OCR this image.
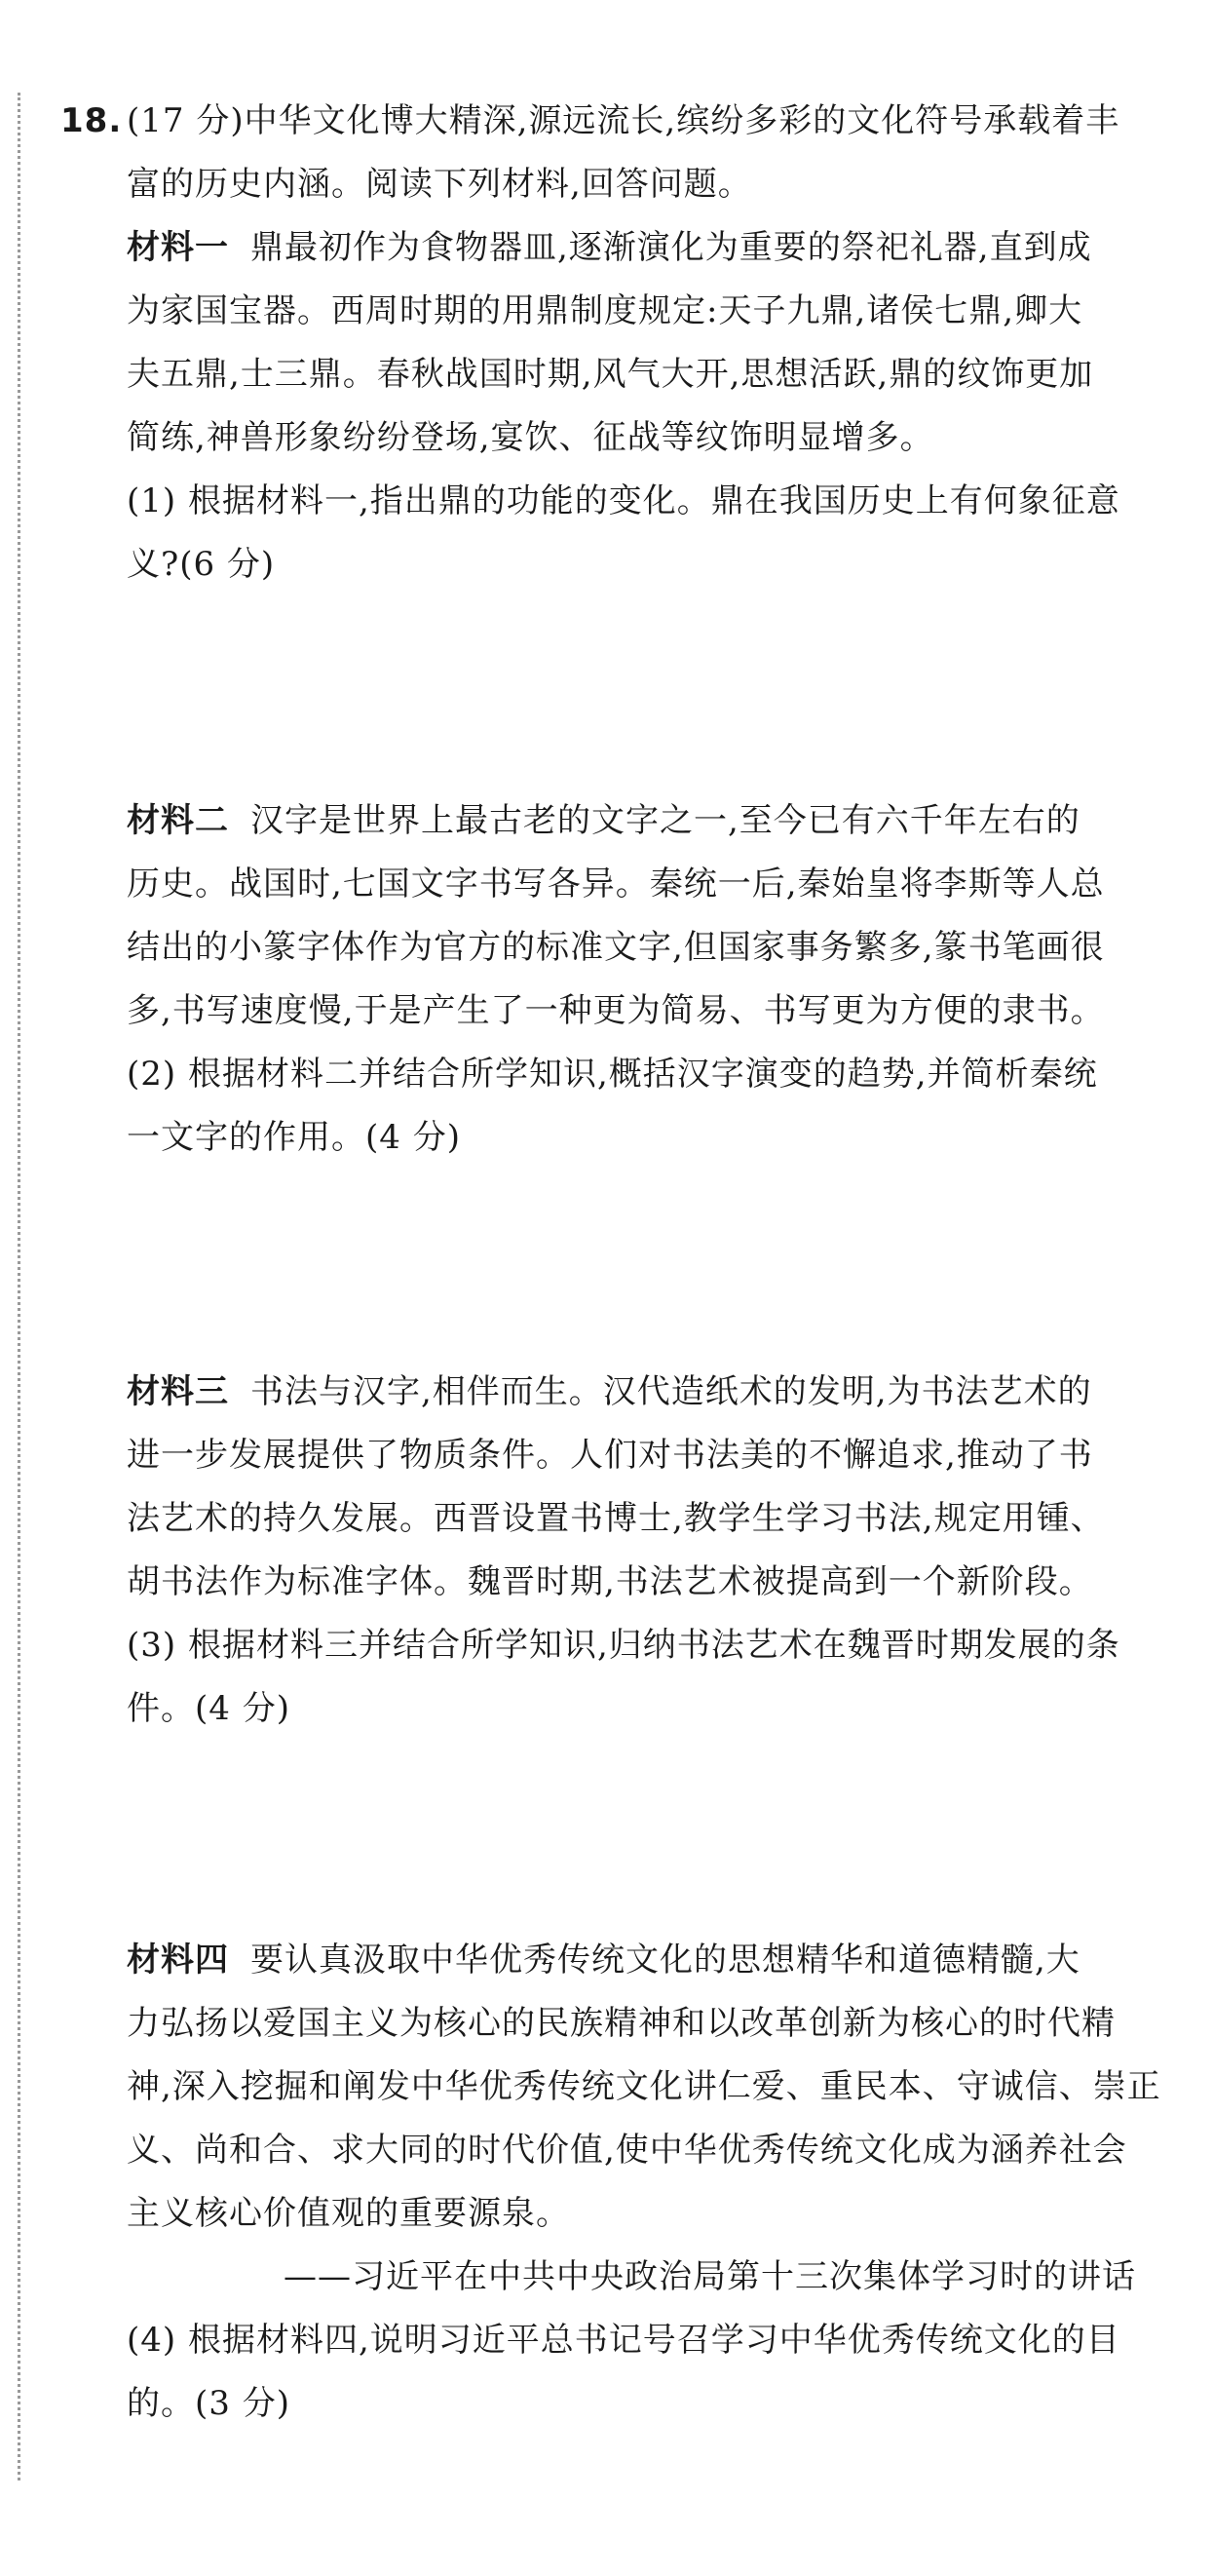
18. (17 分)中华文化博大精深,源远流长,缤纷多彩的文化符号承载着丰
富的历史内涵。阅读下列材料,回答问题。
材料一 鼎最初作为食物器皿,逐渐演化为重要的祭祀礼器,直到成
为家国宝器。西周时期的用鼎制度规定:天子九鼎,诸侯七鼎,卿大
夫五鼎,士三鼎。春秋战国时期,风气大开,思想活跃,鼎的纹饰更加
简练,神兽形象纷纷登场,宴饮、征战等纹饰明显增多。
(1) 根据材料一,指出鼎的功能的变化。鼎在我国历史上有何象征意
义?(6 分)
材料二 汉字是世界上最古老的文字之一,至今已有六千年左右的
历史。战国时,七国文字书写各异。秦统一后,秦始皇将李斯等人总
结出的小篆字体作为官方的标准文字,但国家事务繁多,篆书笔画很
多,书写速度慢,于是产生了一种更为简易、书写更为方便的隶书。
(2) 根据材料二并结合所学知识,概括汉字演变的趋势,并简析秦统
一文字的作用。(4 分)
材料三 书法与汉字,相伴而生。汉代造纸术的发明,为书法艺术的
进一步发展提供了物质条件。人们对书法美的不懈追求,推动了书
法艺术的持久发展。西晋设置书博士,教学生学习书法,规定用锺、
胡书法作为标准字体。魏晋时期,书法艺术被提高到一个新阶段。
(3) 根据材料三并结合所学知识,归纳书法艺术在魏晋时期发展的条
件。(4 分)
材料四 要认真汲取中华优秀传统文化的思想精华和道德精髓,大
力弘扬以爱国主义为核心的民族精神和以改革创新为核心的时代精
神,深入挖掘和阐发中华优秀传统文化讲仁爱、重民本、守诚信、崇正
义、尚和合、求大同的时代价值,使中华优秀传统文化成为涵养社会
主义核心价值观的重要源泉。
——习近平在中共中央政治局第十三次集体学习时的讲话
(4) 根据材料四,说明习近平总书记号召学习中华优秀传统文化的目
的。(3 分)
